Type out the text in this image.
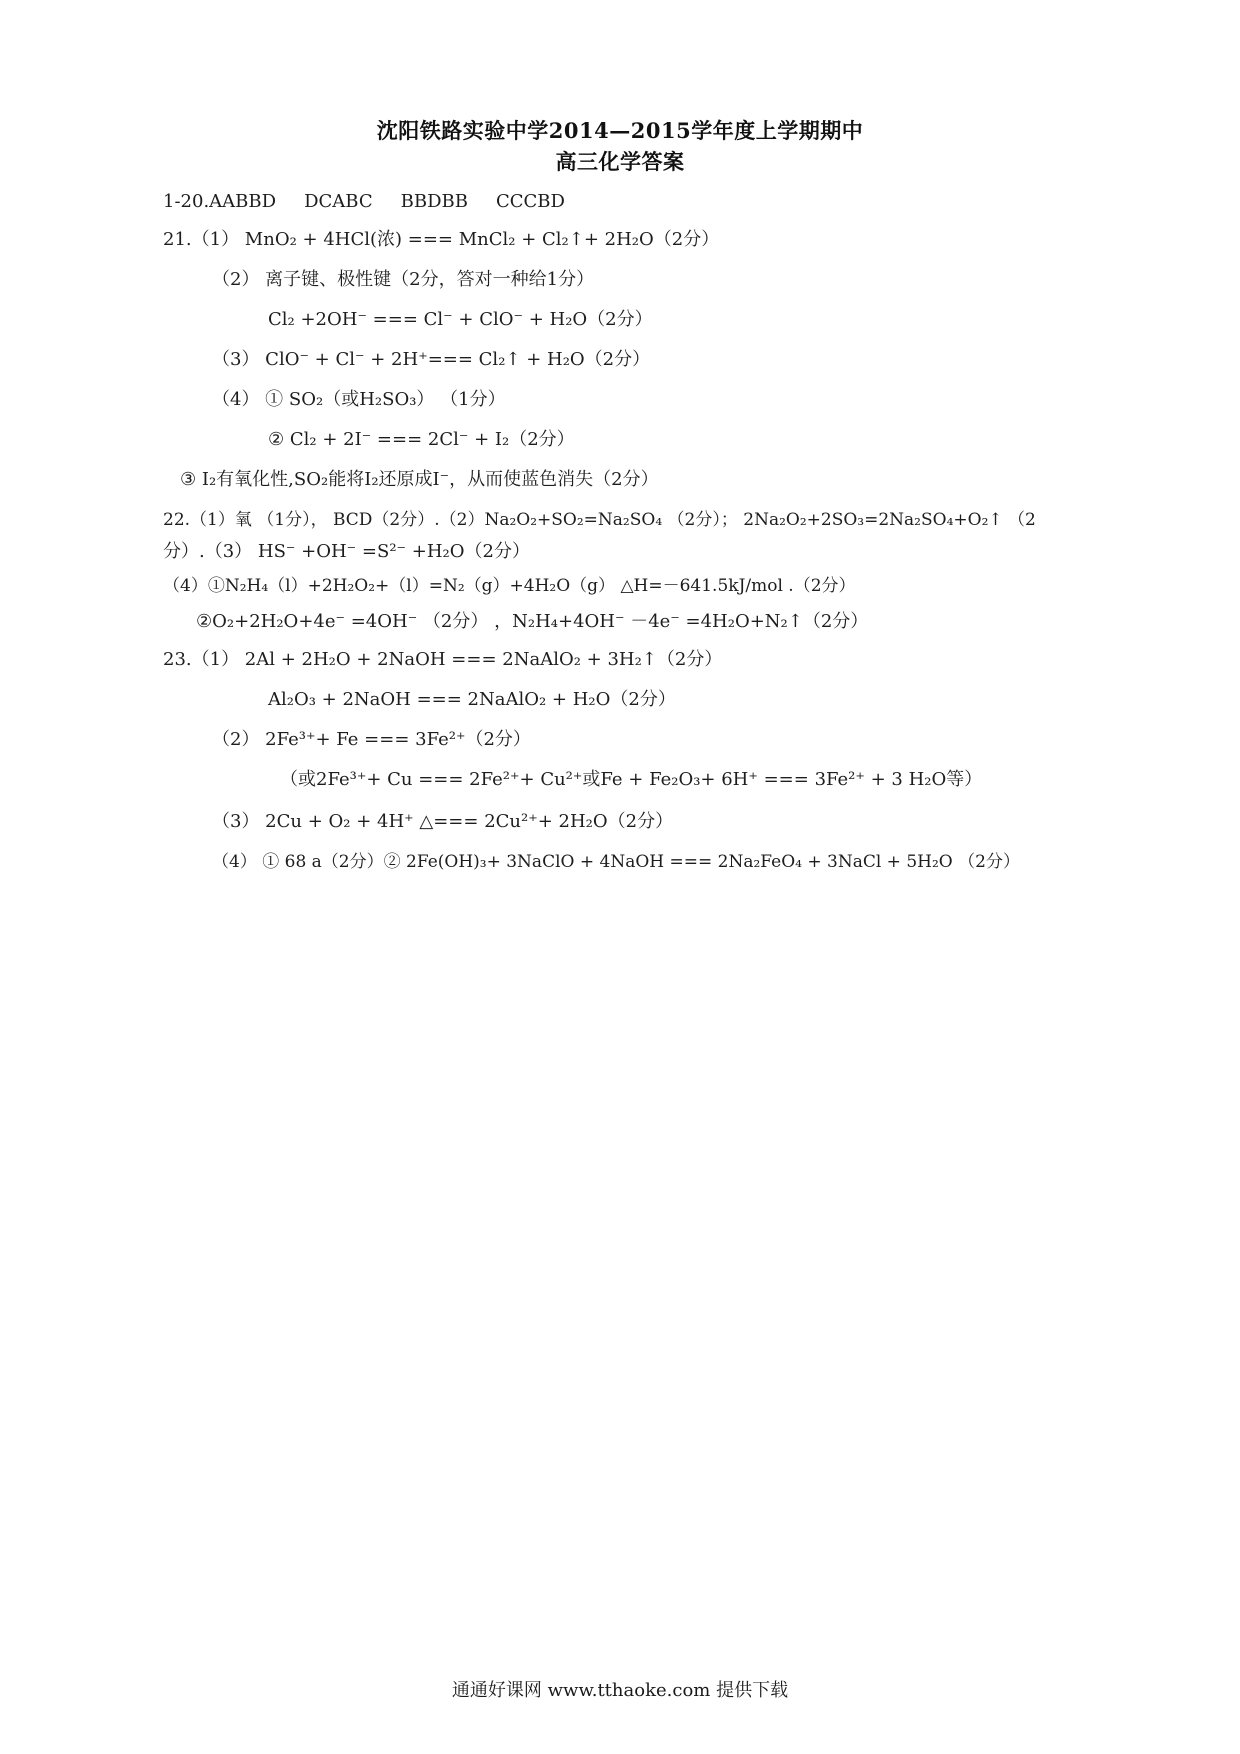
沈阳铁路实验中学2014—2015学年度上学期期中
高三化学答案
1-20.AABBD DCABC BBDBB CCCBD
21.（1） MnO₂ + 4HCl(浓) === MnCl₂ + Cl₂↑+ 2H₂O（2分）
（2） 离子键、极性键（2分，答对一种给1分）
Cl₂ +2OH⁻ === Cl⁻ + ClO⁻ + H₂O（2分）
（3） ClO⁻ + Cl⁻ + 2H⁺=== Cl₂↑ + H₂O（2分）
（4） ① SO₂（或H₂SO₃） （1分）
② Cl₂ + 2I⁻ === 2Cl⁻ + I₂（2分）
③ I₂有氧化性,SO₂能将I₂还原成I⁻，从而使蓝色消失（2分）
22.（1）氧 （1分）， BCD（2分）.（2）Na₂O₂+SO₂=Na₂SO₄ （2分）； 2Na₂O₂+2SO₃=2Na₂SO₄+O₂↑ （2
分）.（3） HS⁻ +OH⁻ =S²⁻ +H₂O（2分）
（4）①N₂H₄（l）+2H₂O₂+（l）=N₂（g）+4H₂O（g） △H=－641.5kJ/mol .（2分）
②O₂+2H₂O+4e⁻ =4OH⁻ （2分） ，N₂H₄+4OH⁻ －4e⁻ =4H₂O+N₂↑（2分）
23.（1） 2Al + 2H₂O + 2NaOH === 2NaAlO₂ + 3H₂↑（2分）
Al₂O₃ + 2NaOH === 2NaAlO₂ + H₂O（2分）
（2） 2Fe³⁺+ Fe === 3Fe²⁺（2分）
（或2Fe³⁺+ Cu === 2Fe²⁺+ Cu²⁺或Fe + Fe₂O₃+ 6H⁺ === 3Fe²⁺ + 3 H₂O等）
（3） 2Cu + O₂ + 4H⁺ △=== 2Cu²⁺+ 2H₂O（2分）
（4） ① 68 a（2分）② 2Fe(OH)₃+ 3NaClO + 4NaOH === 2Na₂FeO₄ + 3NaCl + 5H₂O （2分）
通通好课网 www.tthaoke.com 提供下载
